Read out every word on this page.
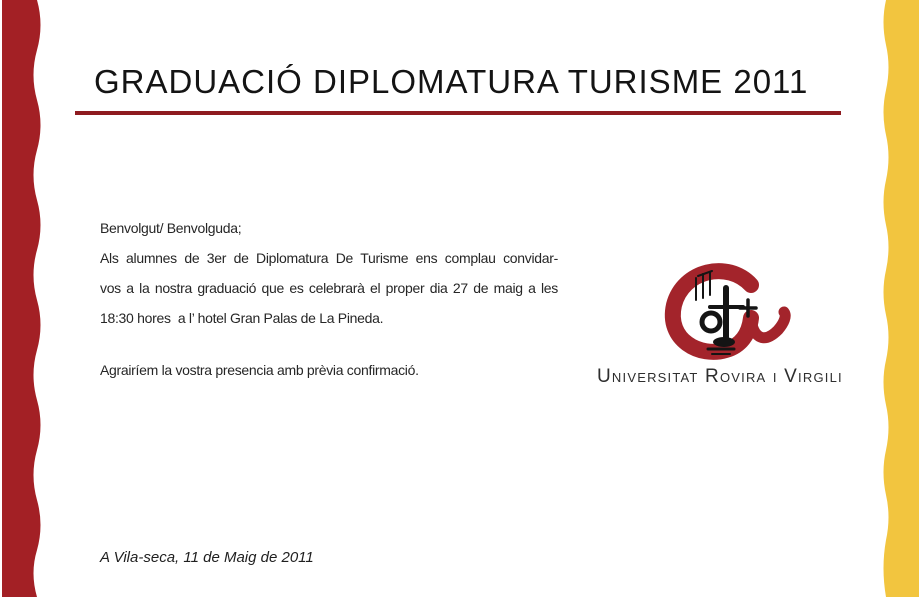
GRADUACIÓ DIPLOMATURA TURISME 2011
Benvolgut/ Benvolguda;
Als alumnes de 3er de Diplomatura De Turisme ens complau convidar-
vos a la nostra graduació que es celebrarà el proper dia 27 de maig a les
18:30 hores  a l’ hotel Gran Palas de La Pineda.
Agrairíem la vostra presencia amb prèvia confirmació.	Universitat Rovira i Virgili
A Vila-seca, 11 de Maig de 2011
